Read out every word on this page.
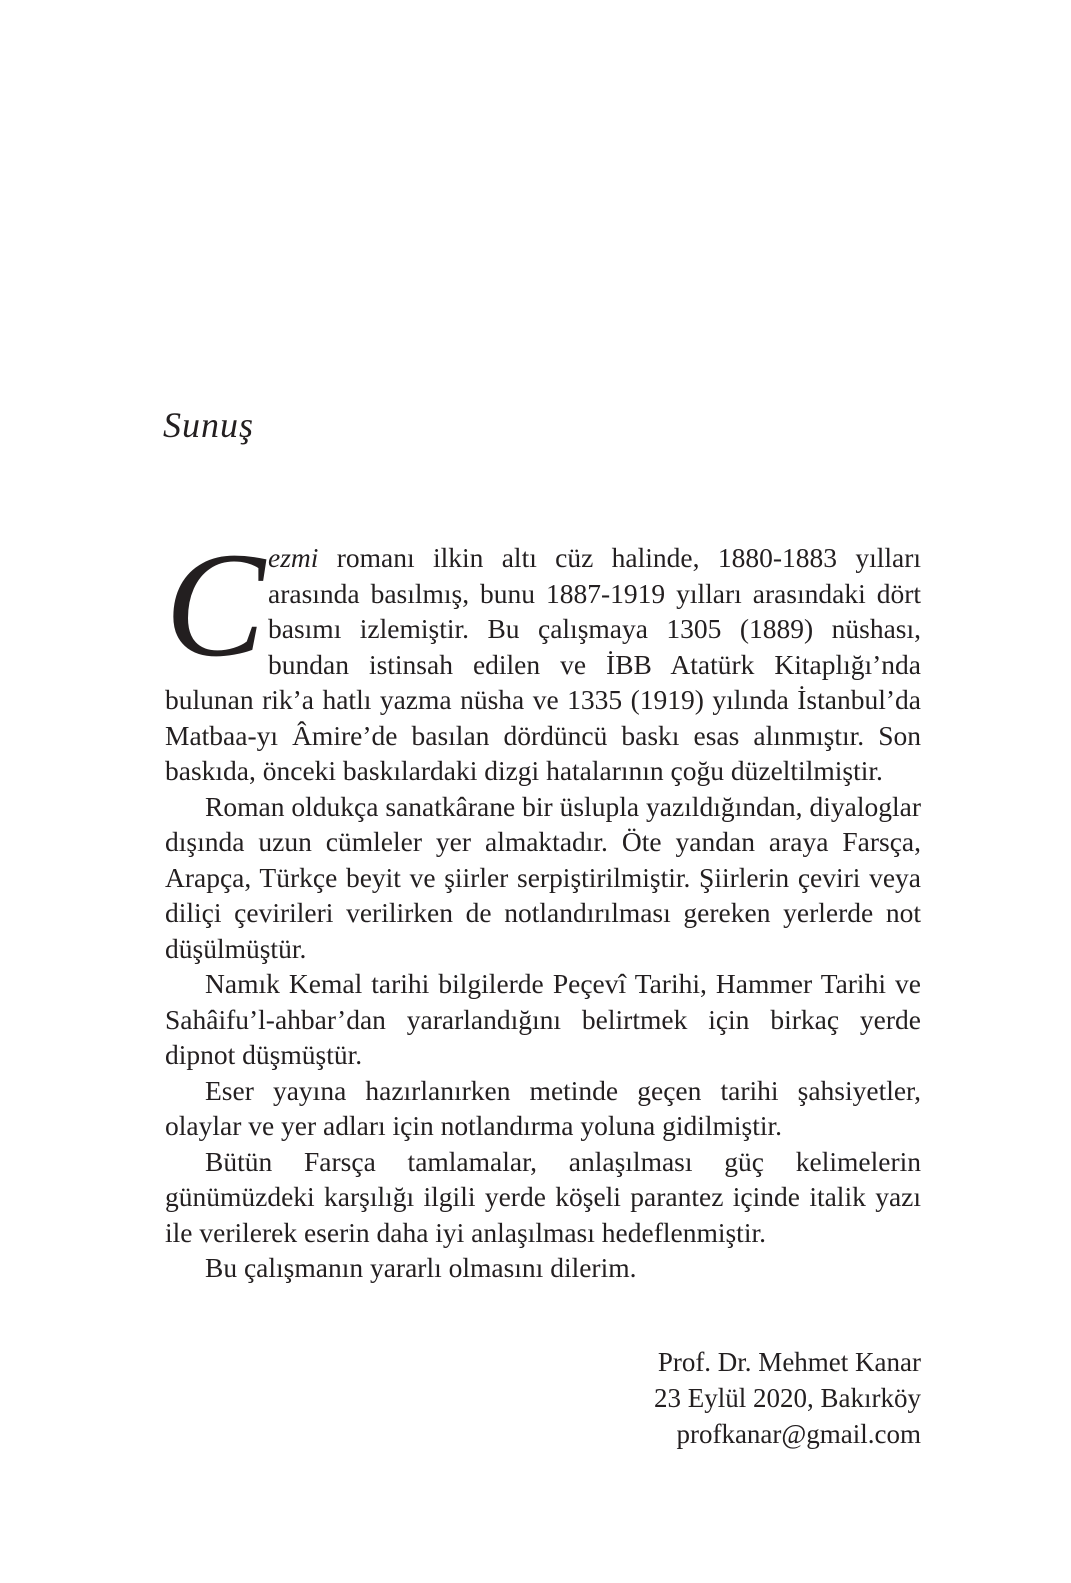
Sunuş

Cezmi romanı ilkin altı cüz halinde, 1880-1883 yılları arasında basılmış, bunu 1887-1919 yılları arasındaki dört basımı izlemiştir. Bu çalışmaya 1305 (1889) nüshası, bundan istinsah edilen ve İBB Atatürk Kitaplığı’nda bulunan rik’a hatlı yazma nüsha ve 1335 (1919) yılında İstanbul’da Matbaa-yı Âmire’de basılan dördüncü baskı esas alınmıştır. Son baskıda, önceki baskılardaki dizgi hatalarının çoğu düzeltilmiştir.

Roman oldukça sanatkârane bir üslupla yazıldığından, diyaloglar dışında uzun cümleler yer almaktadır. Öte yandan araya Farsça, Arapça, Türkçe beyit ve şiirler serpiştirilmiştir. Şiirlerin çeviri veya diliçi çevirileri verilirken de notlandırılması gereken yerlerde not düşülmüştür.

Namık Kemal tarihi bilgilerde Peçevî Tarihi, Hammer Tarihi ve Sahâifu’l-ahbar’dan yararlandığını belirtmek için birkaç yerde dipnot düşmüştür.

Eser yayına hazırlanırken metinde geçen tarihi şahsiyetler, olaylar ve yer adları için notlandırma yoluna gidilmiştir.

Bütün Farsça tamlamalar, anlaşılması güç kelimelerin günümüzdeki karşılığı ilgili yerde köşeli parantez içinde italik yazı ile verilerek eserin daha iyi anlaşılması hedeflenmiştir.

Bu çalışmanın yararlı olmasını dilerim.

Prof. Dr. Mehmet Kanar
23 Eylül 2020, Bakırköy
profkanar@gmail.com
